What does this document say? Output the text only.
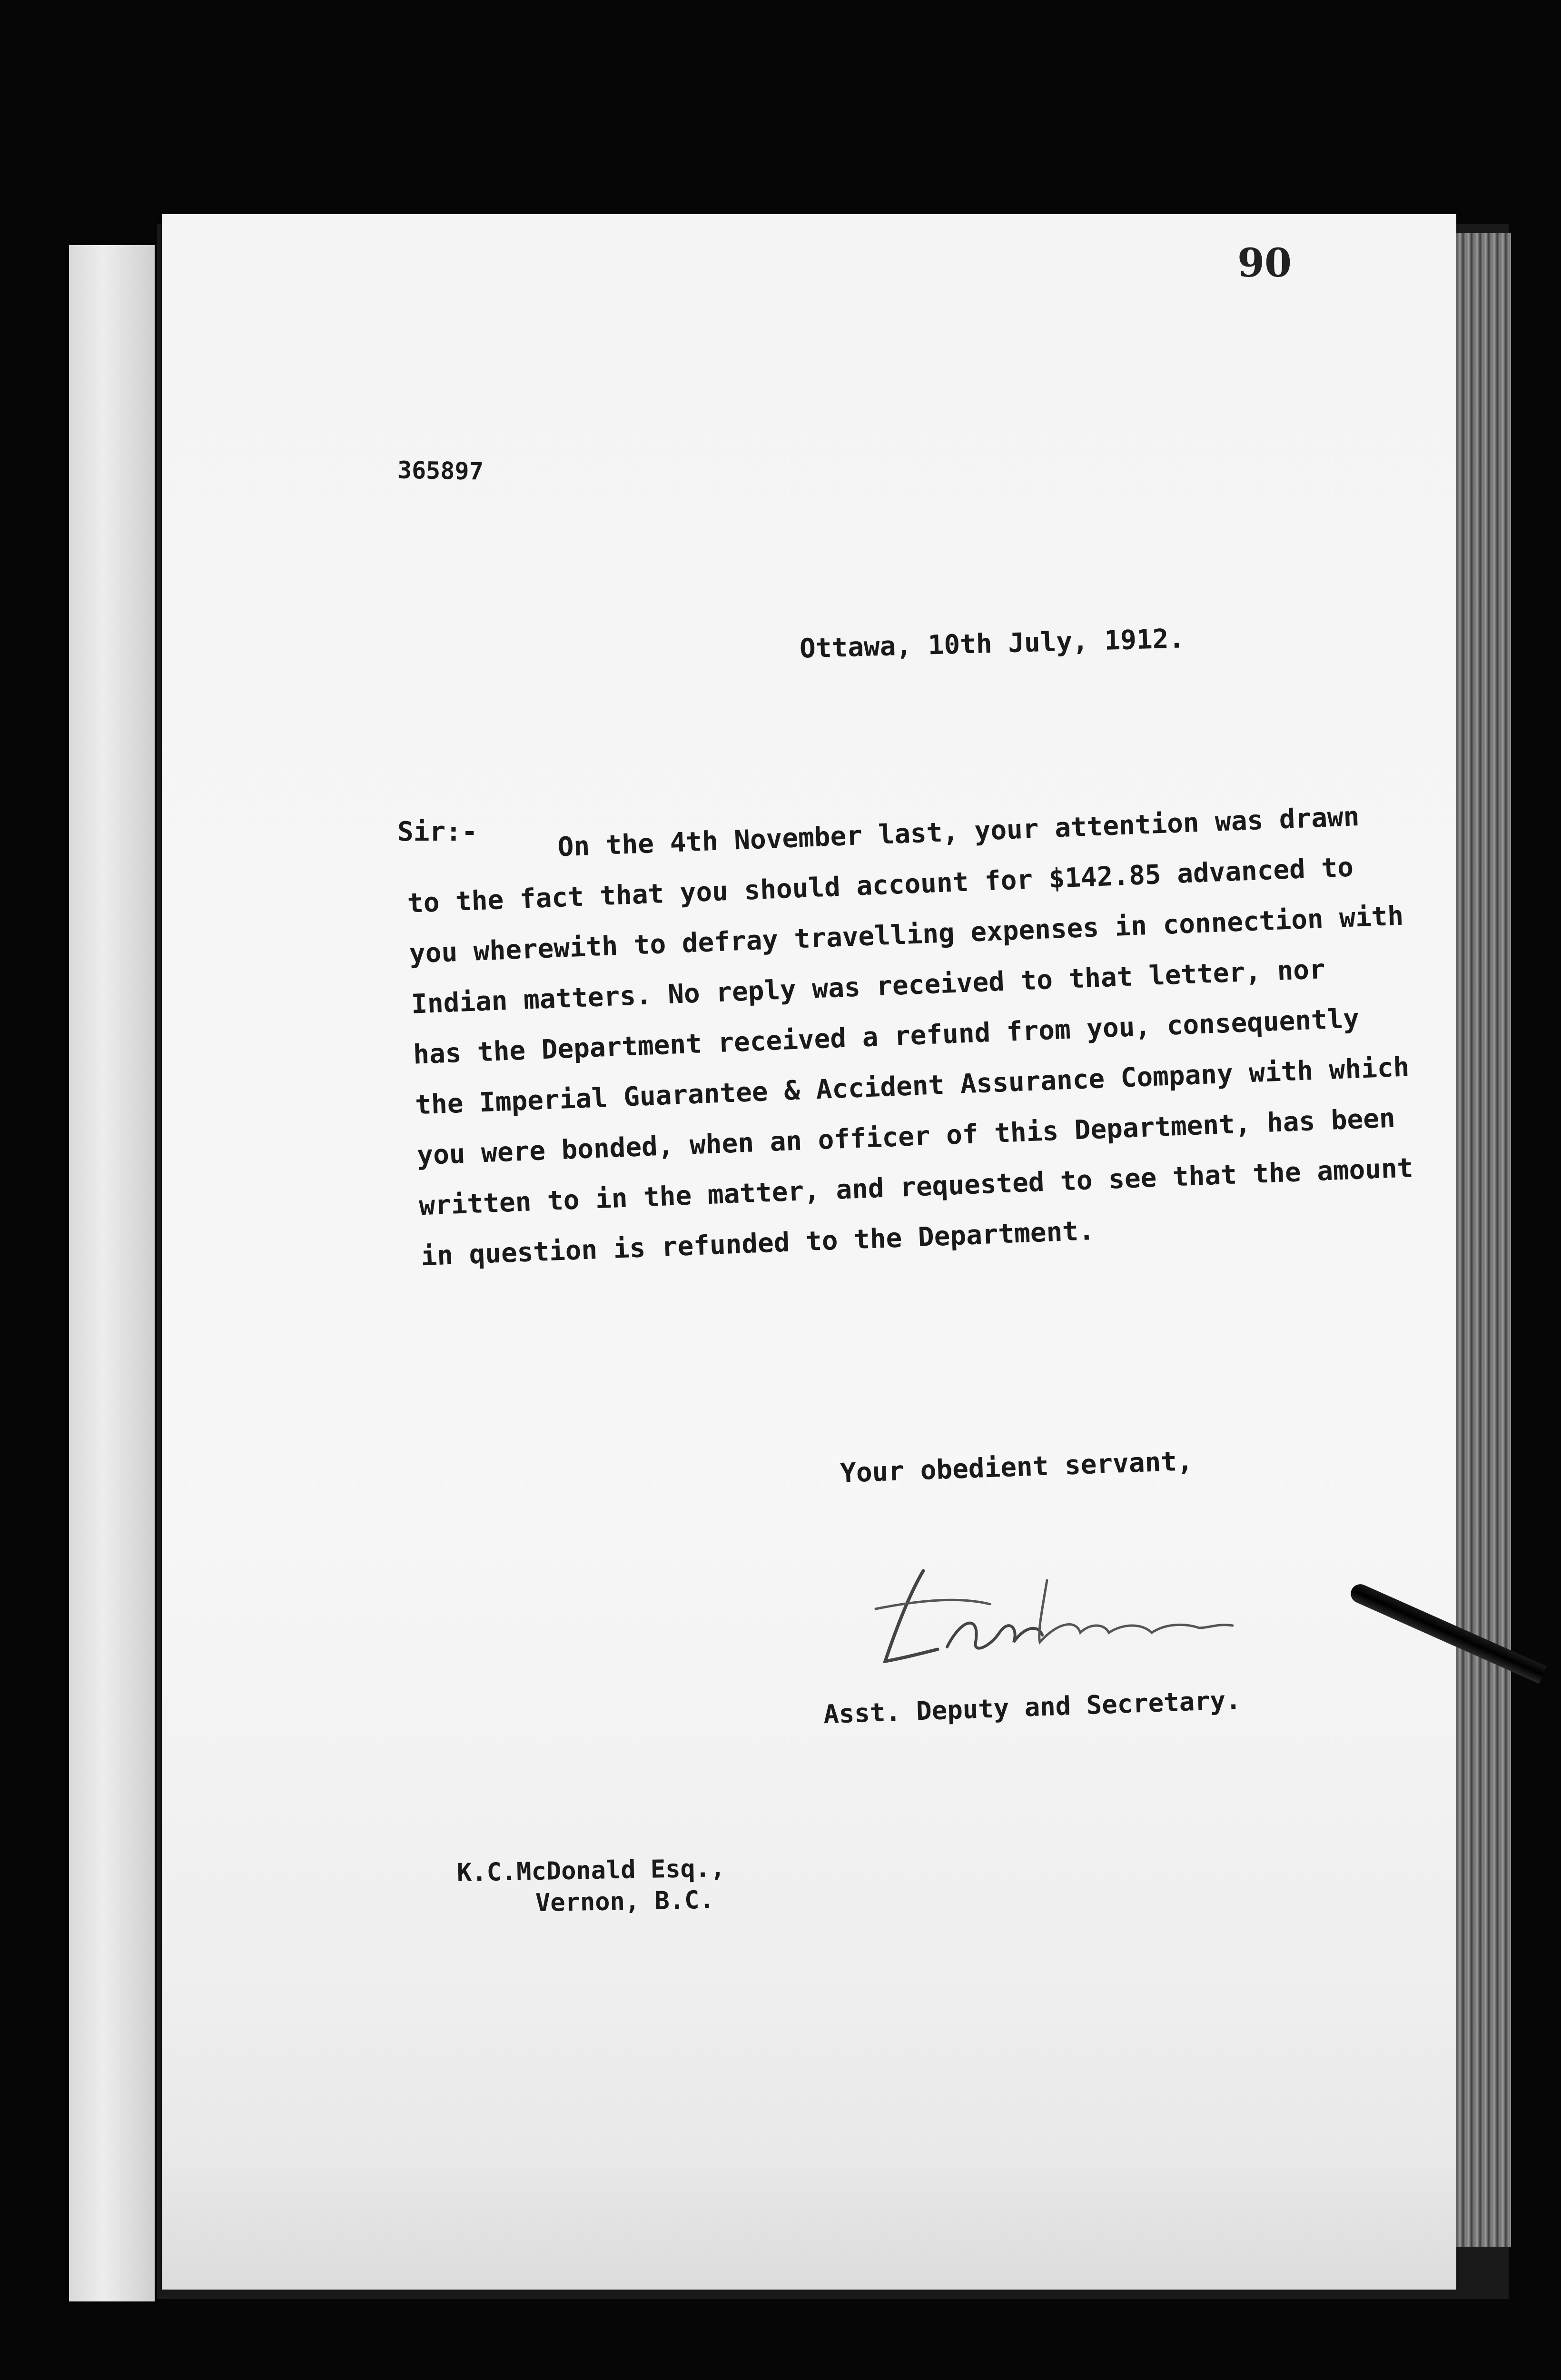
90
365897
Ottawa, 10th July, 1912.
Sir:-	On the 4th November last, your attention was drawn
to the fact that you should account for $142.85 advanced to
you wherewith to defray travelling expenses in connection with
Indian matters. No reply was received to that letter, nor
has the Department received a refund from you, consequently
the Imperial Guarantee & Accident Assurance Company with which
you were bonded, when an officer of this Department, has been
written to in the matter, and requested to see that the amount
in question is refunded to the Department.
Your obedient servant,
Asst. Deputy and Secretary.
K.C.McDonald Esq.,
Vernon, B.C.
